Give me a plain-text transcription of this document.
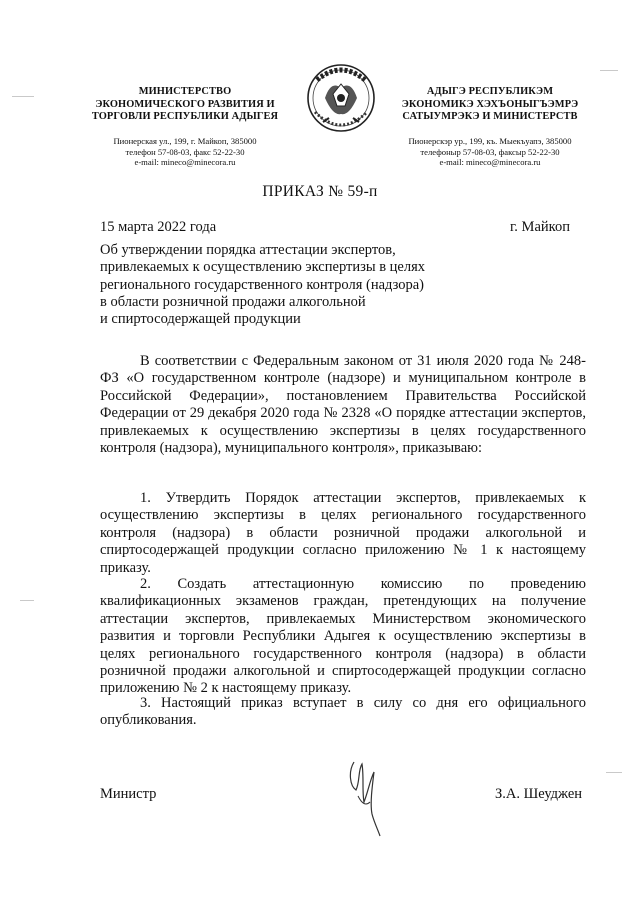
МИНИСТЕРСТВО
ЭКОНОМИЧЕСКОГО РАЗВИТИЯ И
ТОРГОВЛИ РЕСПУБЛИКИ АДЫГЕЯ
Пионерская ул., 199, г. Майкоп, 385000
телефон 57-08-03, факс 52-22-30
e-mail: mineco@minecora.ru
АДЫГЭ РЕСПУБЛИКЭМ
ЭКОНОМИКЭ ХЭХЪОНЫГЪЭМРЭ
САТЫУМРЭКЭ И МИНИСТЕРСТВ
Пионерскэр ур., 199, къ. Мыекъуапэ, 385000
телефоныр 57-08-03, факсыр 52-22-30
e-mail: mineco@minecora.ru
ПРИКАЗ № 59-п
15 марта 2022 года	г. Майкоп
Об утверждении порядка аттестации экспертов,
привлекаемых к осуществлению экспертизы в целях
регионального государственного контроля (надзора)
в области розничной продажи алкогольной
и спиртосодержащей продукции

В соответствии с Федеральным законом от 31 июля 2020 года № 248-ФЗ «О государственном контроле (надзоре) и муниципальном контроле в Российской Федерации», постановлением Правительства Российской Федерации от 29 декабря 2020 года № 2328 «О порядке аттестации экспертов, привлекаемых к осуществлению экспертизы в целях государственного контроля (надзора), муниципального контроля», приказываю:

1. Утвердить Порядок аттестации экспертов, привлекаемых к осуществлению экспертизы в целях регионального государственного контроля (надзора) в области розничной продажи алкогольной и спиртосодержащей продукции согласно приложению № 1 к настоящему приказу.

2. Создать аттестационную комиссию по проведению квалификационных экзаменов граждан, претендующих на получение аттестации экспертов, привлекаемых Министерством экономического развития и торговли Республики Адыгея к осуществлению экспертизы в целях регионального государственного контроля (надзора) в области розничной продажи алкогольной и спиртосодержащей продукции согласно приложению № 2 к настоящему приказу.

3. Настоящий приказ вступает в силу со дня его официального опубликования.

Министр	З.А. Шеуджен
